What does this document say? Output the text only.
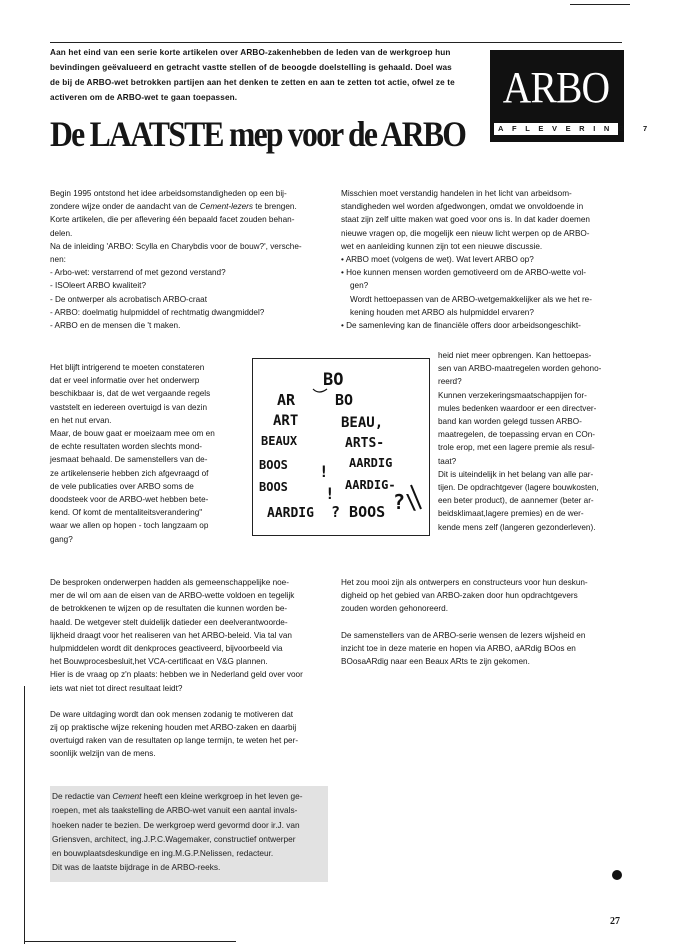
Aan het eind van een serie korte artikelen over ARBO-zakenhebben de leden van de werkgroep hun

bevindingen geëvalueerd en getracht vastte stellen of de beoogde doelstelling is gehaald. Doel was

de bij de ARBO-wet betrokken partijen aan het denken te zetten en aan te zetten tot actie, ofwel ze te

activeren om de ARBO-wet te gaan toepassen.	ARBO
AFLEVERING 7
De LAATSTE mep voor de ARBO

Begin 1995 ontstond het idee arbeidsomstandigheden op een bij-

zondere wijze onder de aandacht van de Cement-lezers te brengen.

Korte artikelen, die per aflevering één bepaald facet zouden behan-

delen.

Na de inleiding 'ARBO: Scylla en Charybdis voor de bouw?', versche-

nen:

- Arbo-wet: verstarrend of met gezond verstand?

- ISOleert ARBO kwaliteit?

- De ontwerper als acrobatisch ARBO-craat

- ARBO: doelmatig hulpmiddel of rechtmatig dwangmiddel?

- ARBO en de mensen die 't maken.

Het blijft intrigerend te moeten constateren

dat er veel informatie over het onderwerp

beschikbaar is, dat de wet vergaande regels

vaststelt en iedereen overtuigd is van dezin

en het nut ervan.

Maar, de bouw gaat er moeizaam mee om en

de echte resultaten worden slechts mond-

jesmaat behaald. De samenstellers van de-

ze artikelenserie hebben zich afgevraagd of

de vele publicaties over ARBO soms de

doodsteek voor de ARBO-wet hebben bete-

kend. Of komt de mentaliteitsverandering"

waar we allen op hopen - toch langzaam op

gang?

Misschien moet verstandig handelen in het licht van arbeidsom-

standigheden wel worden afgedwongen, omdat we onvoldoende in

staat zijn zelf uitte maken wat goed voor ons is. In dat kader doemen

nieuwe vragen op, die mogelijk een nieuw licht werpen op de ARBO-

wet en aanleiding kunnen zijn tot een nieuwe discussie.

• ARBO moet (volgens de wet). Wat levert ARBO op?

• Hoe kunnen mensen worden gemotiveerd om de ARBO-wette vol-

gen?

Wordt hettoepassen van de ARBO-wetgemakkelijker als we het re-

kening houden met ARBO als hulpmiddel ervaren?

• De samenleving kan de financiële offers door arbeidsongeschikt-

heid niet meer opbrengen. Kan hettoepas-

sen van ARBO-maatregelen worden gehono-

reerd?

Kunnen verzekeringsmaatschappijen for-

mules bedenken waardoor er een directver-

band kan worden gelegd tussen ARBO-

maatregelen, de toepassing ervan en COn-

trole erop, met een lagere premie als resul-

taat?

Dit is uiteindelijk in het belang van alle par-

tijen. De opdrachtgever (lagere bouwkosten,

een beter product), de aannemer (beter ar-

beidsklimaat,lagere premies) en de wer-

kende mens zelf (langeren gezonderleven).

BO
AR	BO
ART	BEAU,
BEAUX	ARTS-
BOOS ! AARDIG
BOOS ! AARDIG-
AARDIG ? BOOS ?\

De besproken onderwerpen hadden als gemeenschappelijke noe-

mer de wil om aan de eisen van de ARBO-wette voldoen en tegelijk

de betrokkenen te wijzen op de resultaten die kunnen worden be-

haald. De wetgever stelt duidelijk datieder een deelverantwoorde-

lijkheid draagt voor het realiseren van het ARBO-beleid. Via tal van

hulpmiddelen wordt dit denkproces geactiveerd, bijvoorbeeld via

het Bouwprocesbesluit,het VCA-certificaat en V&G plannen.

Hier is de vraag op z'n plaats: hebben we in Nederland geld over voor

iets wat niet tot direct resultaat leidt?

De ware uitdaging wordt dan ook mensen zodanig te motiveren dat

zij op praktische wijze rekening houden met ARBO-zaken en daarbij

overtuigd raken van de resultaten op lange termijn, te weten het per-

soonlijk welzijn van de mens.

Het zou mooi zijn als ontwerpers en constructeurs voor hun deskun-

digheid op het gebied van ARBO-zaken door hun opdrachtgevers

zouden worden gehonoreerd.

De samenstellers van de ARBO-serie wensen de lezers wijsheid en

inzicht toe in deze materie en hopen via ARBO, aARdig BOos en

BOosaARdig naar een Beaux ARts te zijn gekomen.

De redactie van Cement heeft een kleine werkgroep in het leven ge-

roepen, met als taakstelling de ARBO-wet vanuit een aantal invals-

hoeken nader te bezien. De werkgroep werd gevormd door ir.J. van

Griensven, architect, ing.J.P.C.Wagemaker, constructief ontwerper

en bouwplaatsdeskundige en ing.M.G.P.Nelissen, redacteur.

Dit was de laatste bijdrage in de ARBO-reeks.

27
